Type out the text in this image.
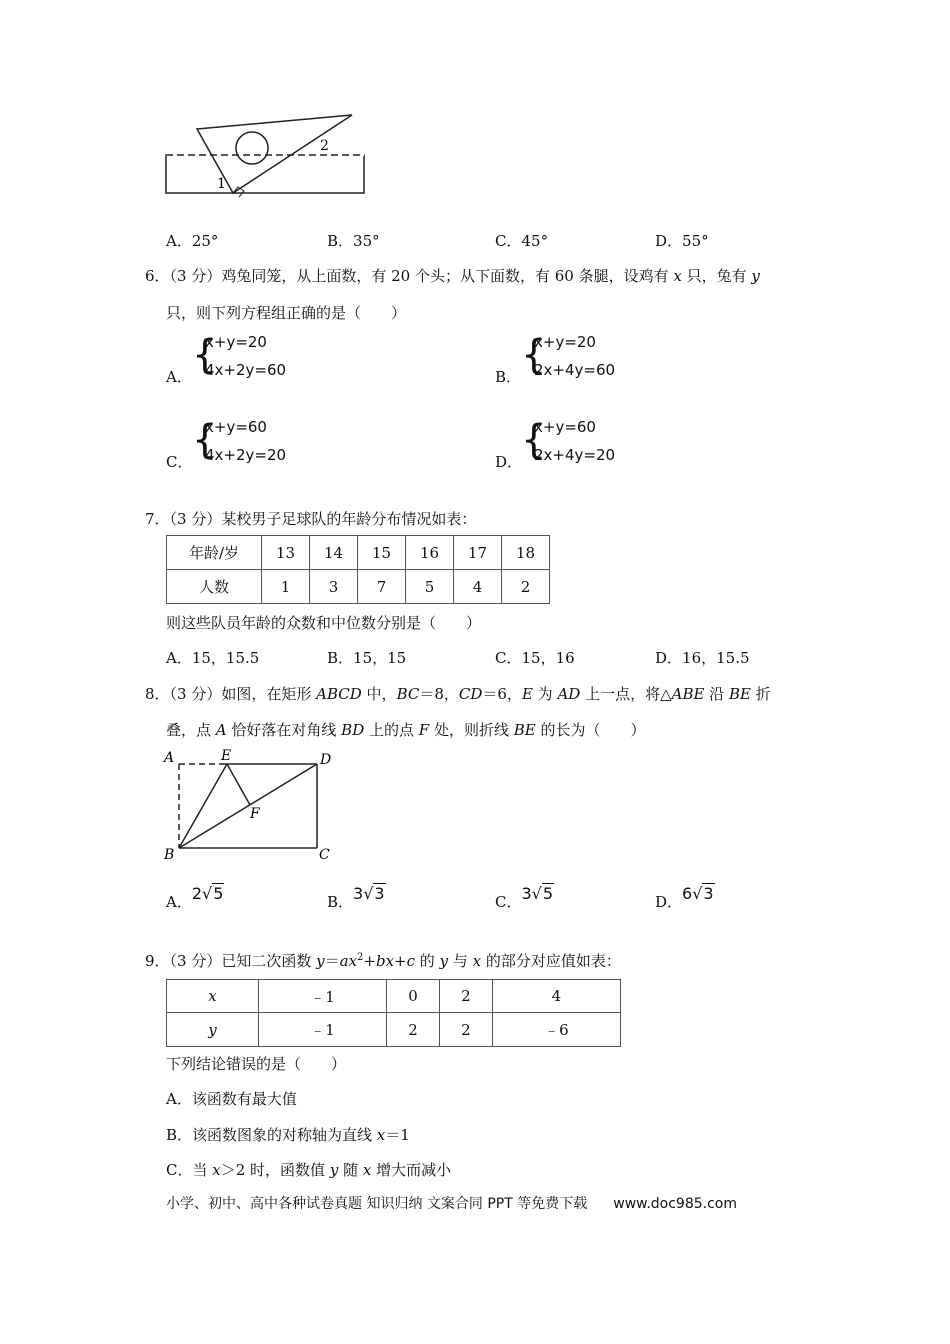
1
2
A．25°	B．35°	C．45°	D．55°
6．（3 分）鸡兔同笼，从上面数，有 20 个头；从下面数，有 60 条腿，设鸡有 x 只，兔有 y
只，则下列方程组正确的是（　　）
A． {
x+y=20
4x+2y=60	B． {
x+y=20
2x+4y=60
C． {
x+y=60
4x+2y=20	D．
{
x+y=60
2x+4y=20
7．（3 分）某校男子足球队的年龄分布情况如表：
年龄/岁	13	14	15	16	17	18
人数	1	3	7	5	4	2
则这些队员年龄的众数和中位数分别是（　　）
A．15，15.5	B．15，15	C．15，16	D．16，15.5
8．（3 分）如图，在矩形 ABCD 中，BC＝8，CD＝6，E 为 AD 上一点，将△ABE 沿 BE 折
叠，点 A 恰好落在对角线 BD 上的点 F 处，则折线 BE 的长为（　　）
A	E	D
F
B	C
A．2√5	B．3√3	C．3√5	D．6√3
9．（3 分）已知二次函数 $y=ax^2+bx+c$ 的 y 与 x 的部分对应值如表：
x	﹣1	0	2	4
y	﹣1	2	2	﹣6
下列结论错误的是（　　）
A．该函数有最大值
B．该函数图象的对称轴为直线 x＝1
C．当 x＞2 时，函数值 y 随 x 增大而减小
小学、初中、高中各种试卷真题 知识归纳 文案合同 PPT 等免费下载 www.doc985.com
